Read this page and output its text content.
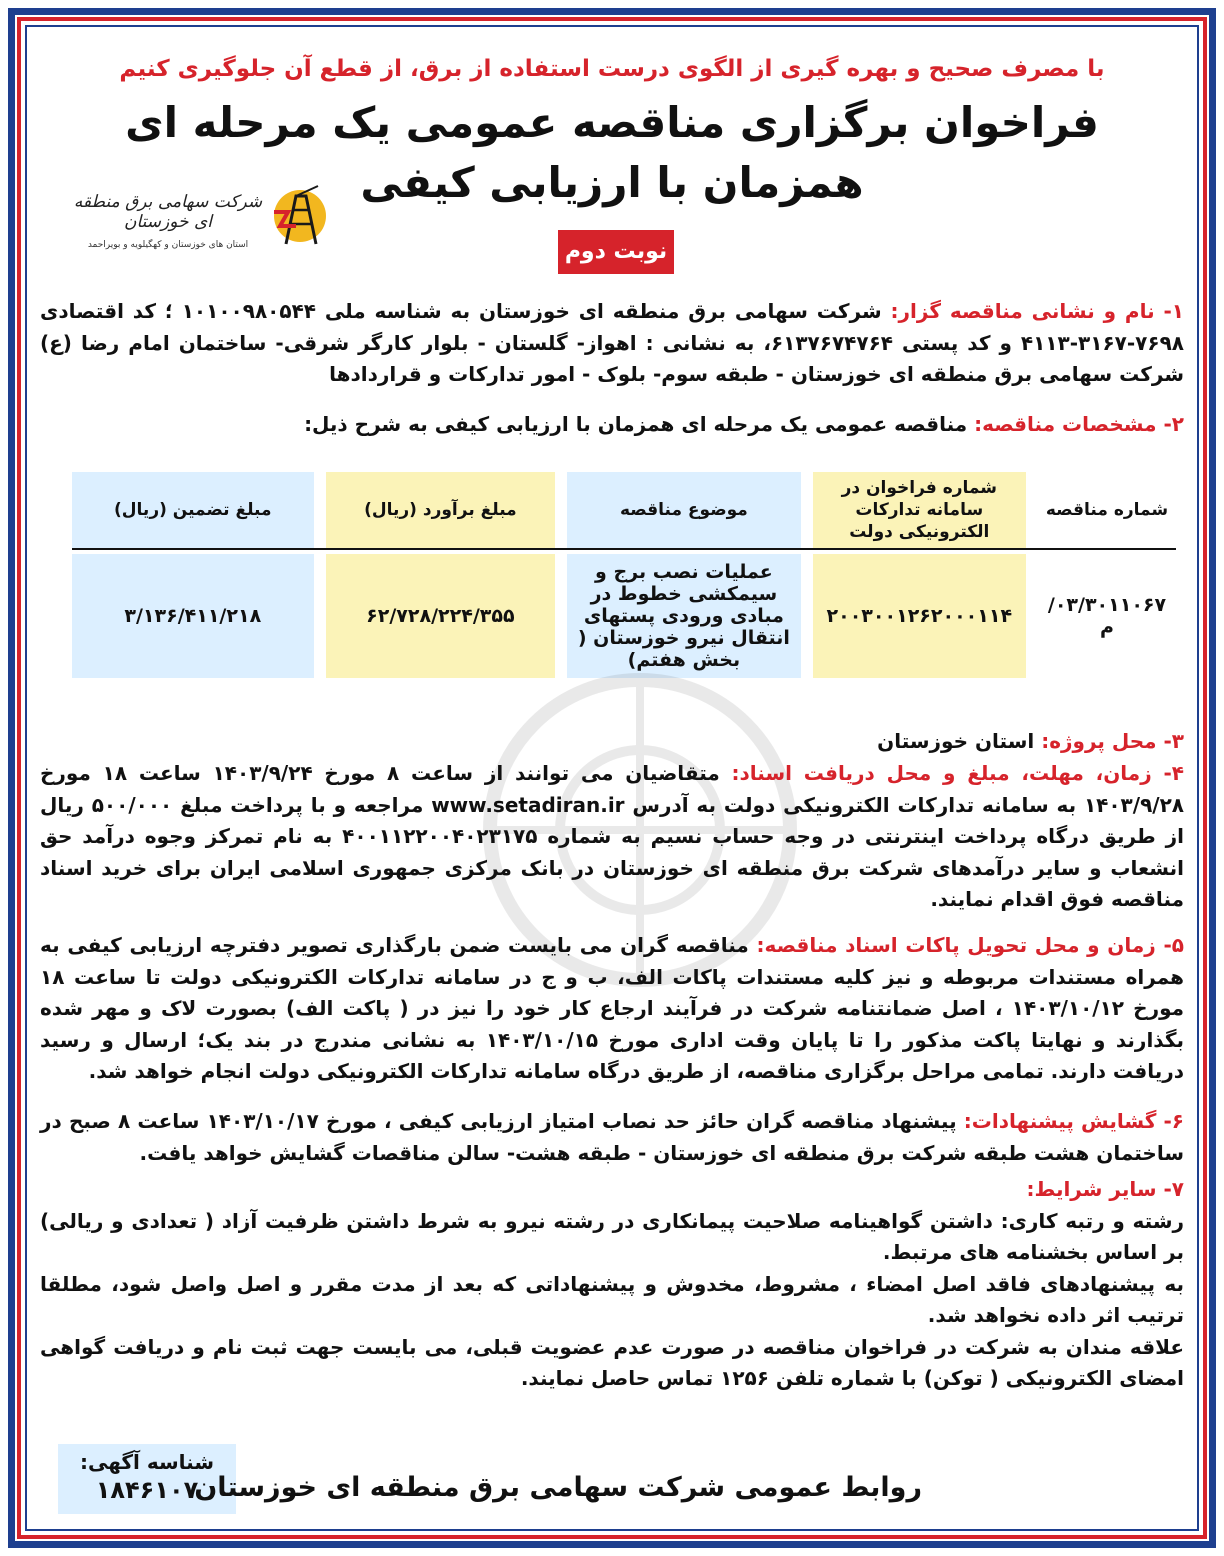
با مصرف صحیح و بهره گیری از الگوی درست استفاده از برق، از قطع آن جلوگیری کنیم
فراخوان برگزاری مناقصه عمومی یک مرحله ای
همزمان با ارزیابی کیفی
شرکت سهامی برق منطقه ای خوزستان
استان های خوزستان و کهگیلویه و بویراحمد	نوبت دوم
۱- نام و نشانی مناقصه گزار: شرکت سهامی برق منطقه ای خوزستان به شناسه ملی ۱۰۱۰۰۹۸۰۵۴۴ ؛ کد اقتصادی ۷۶۹۸-۳۱۶۷-۴۱۱۳ و کد پستی ۶۱۳۷۶۷۴۷۶۴، به نشانی : اهواز- گلستان - بلوار کارگر شرقی- ساختمان امام رضا (ع) شرکت سهامی برق منطقه ای خوزستان - طبقه سوم- بلوک - امور تدارکات و قراردادها
۲- مشخصات مناقصه: مناقصه عمومی یک مرحله ای همزمان با ارزیابی کیفی به شرح ذیل:
شماره مناقصه		شماره فراخوان در سامانه تدارکات الکترونیکی دولت		موضوع مناقصه		مبلغ برآورد (ریال)		مبلغ تضمین (ریال)

۰۳/۳۰۱۱۰۶۷/م		۲۰۰۳۰۰۱۲۶۲۰۰۰۱۱۴		عملیات نصب برج و سیمکشی خطوط در مبادی ورودی پستهای انتقال نیرو خوزستان ( بخش هفتم)		۶۲/۷۲۸/۲۲۴/۳۵۵		۳/۱۳۶/۴۱۱/۲۱۸
۳- محل پروژه: استان خوزستان
۴- زمان، مهلت، مبلغ و محل دریافت اسناد: متقاضیان می توانند از ساعت ۸ مورخ ۱۴۰۳/۹/۲۴ ساعت ۱۸ مورخ ۱۴۰۳/۹/۲۸ به سامانه تدارکات الکترونیکی دولت به آدرس www.setadiran.ir مراجعه و با پرداخت مبلغ ۵۰۰/۰۰۰ ریال از طریق درگاه پرداخت اینترنتی در وجه حساب نسیم به شماره ۴۰۰۱۱۲۲۰۰۴۰۲۳۱۷۵ به نام تمرکز وجوه درآمد حق انشعاب و سایر درآمدهای شرکت برق منطقه ای خوزستان در بانک مرکزی جمهوری اسلامی ایران برای خرید اسناد مناقصه فوق اقدام نمایند.
۵- زمان و محل تحویل پاکات اسناد مناقصه: مناقصه گران می بایست ضمن بارگذاری تصویر دفترچه ارزیابی کیفی به همراه مستندات مربوطه و نیز کلیه مستندات پاکات الف، ب و ج در سامانه تدارکات الکترونیکی دولت تا ساعت ۱۸ مورخ ۱۴۰۳/۱۰/۱۲ ، اصل ضمانتنامه شرکت در فرآیند ارجاع کار خود را نیز در ( پاکت الف) بصورت لاک و مهر شده بگذارند و نهایتا پاکت مذکور را تا پایان وقت اداری مورخ ۱۴۰۳/۱۰/۱۵ به نشانی مندرج در بند یک؛ ارسال و رسید دریافت دارند. تمامی مراحل برگزاری مناقصه، از طریق درگاه سامانه تدارکات الکترونیکی دولت انجام خواهد شد.
۶- گشایش پیشنهادات: پیشنهاد مناقصه گران حائز حد نصاب امتیاز ارزیابی کیفی ، مورخ ۱۴۰۳/۱۰/۱۷ ساعت ۸ صبح در ساختمان هشت طبقه شرکت برق منطقه ای خوزستان - طبقه هشت- سالن مناقصات گشایش خواهد یافت.
۷- سایر شرایط:
رشته و رتبه کاری: داشتن گواهینامه صلاحیت پیمانکاری در رشته نیرو به شرط داشتن ظرفیت آزاد ( تعدادی و ریالی) بر اساس بخشنامه های مرتبط.
به پیشنهادهای فاقد اصل امضاء ، مشروط، مخدوش و پیشنهاداتی که بعد از مدت مقرر و اصل واصل شود، مطلقا ترتیب اثر داده نخواهد شد.
علاقه مندان به شرکت در فراخوان مناقصه در صورت عدم عضویت قبلی، می بایست جهت ثبت نام و دریافت گواهی امضای الکترونیکی ( توکن) با شماره تلفن ۱۲۵۶ تماس حاصل نمایند.
شناسه آگهی:
۱۸۴۶۱۰۷
روابط عمومی شرکت سهامی برق منطقه ای خوزستان
